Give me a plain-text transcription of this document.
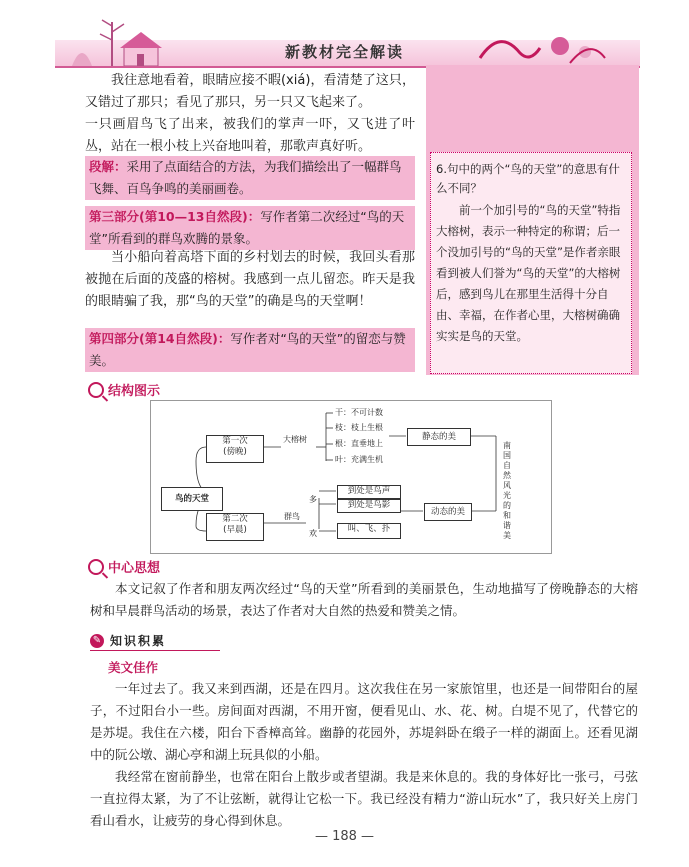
新教材完全解读
6.句中的两个“鸟的天堂”的意思有什么不同？
前一个加引号的“鸟的天堂”特指大榕树，表示一种特定的称谓；后一个没加引号的“鸟的天堂”是作者亲眼看到被人们誉为“鸟的天堂”的大榕树后，感到鸟儿在那里生活得十分自由、幸福，在作者心里，大榕树确确实实是鸟的天堂。

我往意地看着，眼睛应接不暇(xiá)，看清楚了这只，又错过了那只；看见了那只，另一只又飞起来了。

一只画眉鸟飞了出来，被我们的掌声一吓，又飞进了叶丛，站在一根小枝上兴奋地叫着，那歌声真好听。

段解：采用了点面结合的方法，为我们描绘出了一幅群鸟飞舞、百鸟争鸣的美丽画卷。
第三部分(第10—13自然段)：写作者第二次经过“鸟的天堂”所看到的群鸟欢腾的景象。

当小船向着高塔下面的乡村划去的时候，我回头看那被抛在后面的茂盛的榕树。我感到一点儿留恋。昨天是我的眼睛骗了我，那“鸟的天堂”的确是鸟的天堂啊！

第四部分(第14自然段)：写作者对“鸟的天堂”的留恋与赞美。
结构图示
鸟的天堂
第一次
(傍晚)
第二次
(早晨)
大榕树
干：不可计数
枝：枝上生根
根：直垂地上
叶：充满生机
静态的美
群鸟
多
到处是鸟声
到处是鸟影
欢	叫、飞、扑
动态的美
南国自然风光的和谐美
中心思想

本文记叙了作者和朋友两次经过“鸟的天堂”所看到的美丽景色，生动地描写了傍晚静态的大榕树和早晨群鸟活动的场景，表达了作者对大自然的热爱和赞美之情。

✎ 知识积累
美文佳作

一年过去了。我又来到西湖，还是在四月。这次我住在另一家旅馆里，也还是一间带阳台的屋子，不过阳台小一些。房间面对西湖，不用开窗，便看见山、水、花、树。白堤不见了，代替它的是苏堤。我住在六楼，阳台下香樟高耸。幽静的花园外，苏堤斜卧在缎子一样的湖面上。还看见湖中的阮公墩、湖心亭和湖上玩具似的小船。

我经常在窗前静坐，也常在阳台上散步或者望湖。我是来休息的。我的身体好比一张弓，弓弦一直拉得太紧，为了不让弦断，就得让它松一下。我已经没有精力“游山玩水”了，我只好关上房门看山看水，让疲劳的身心得到休息。

— 188 —
